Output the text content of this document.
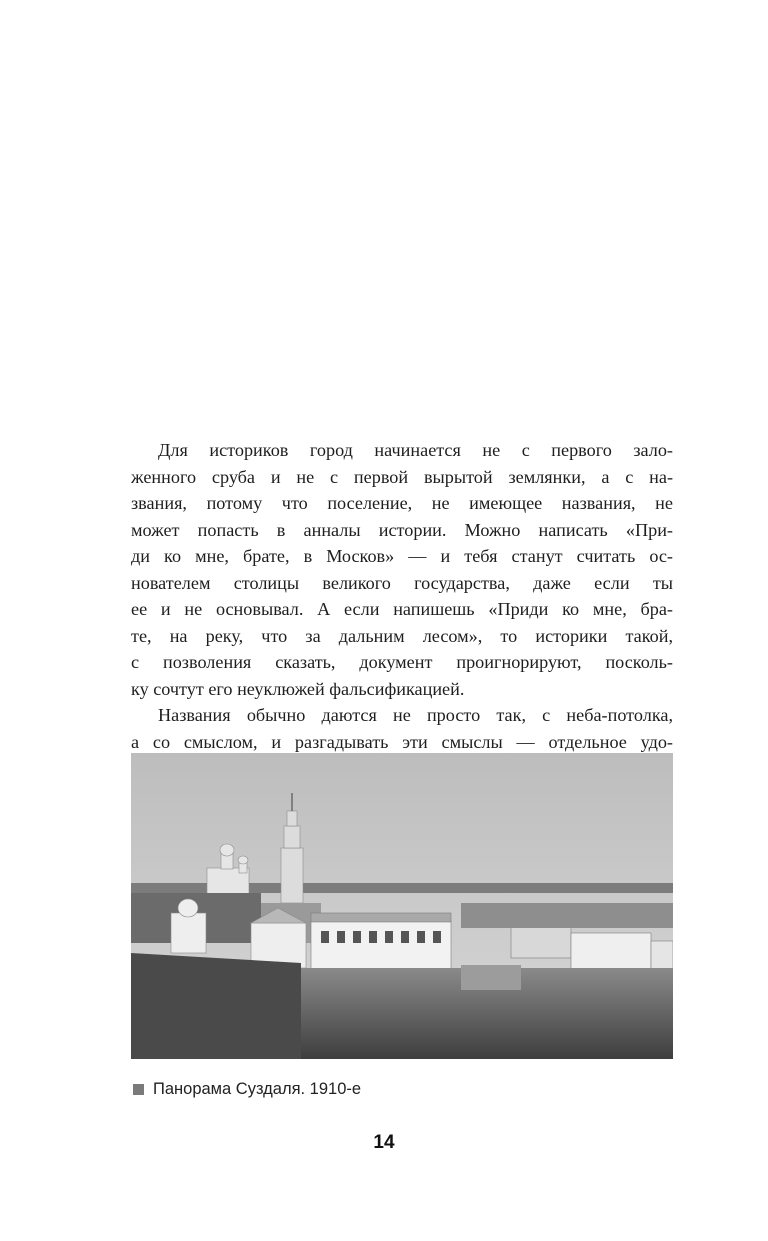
Для историков город начинается не с первого зало-
женного сруба и не с первой вырытой землянки, а с на-
звания, потому что поселение, не имеющее названия, не
может попасть в анналы истории. Можно написать «При-
ди ко мне, брате, в Москов» — и тебя станут считать ос-
нователем столицы великого государства, даже если ты
ее и не основывал. А если напишешь «Приди ко мне, бра-
те, на реку, что за дальним лесом», то историки такой,
с позволения сказать, документ проигнорируют, посколь-
ку сочтут его неуклюжей фальсификацией.
Названия обычно даются не просто так, с неба-потолка,
а со смыслом, и разгадывать эти смыслы — отдельное удо-
Панорама Суздаля. 1910-е
14
